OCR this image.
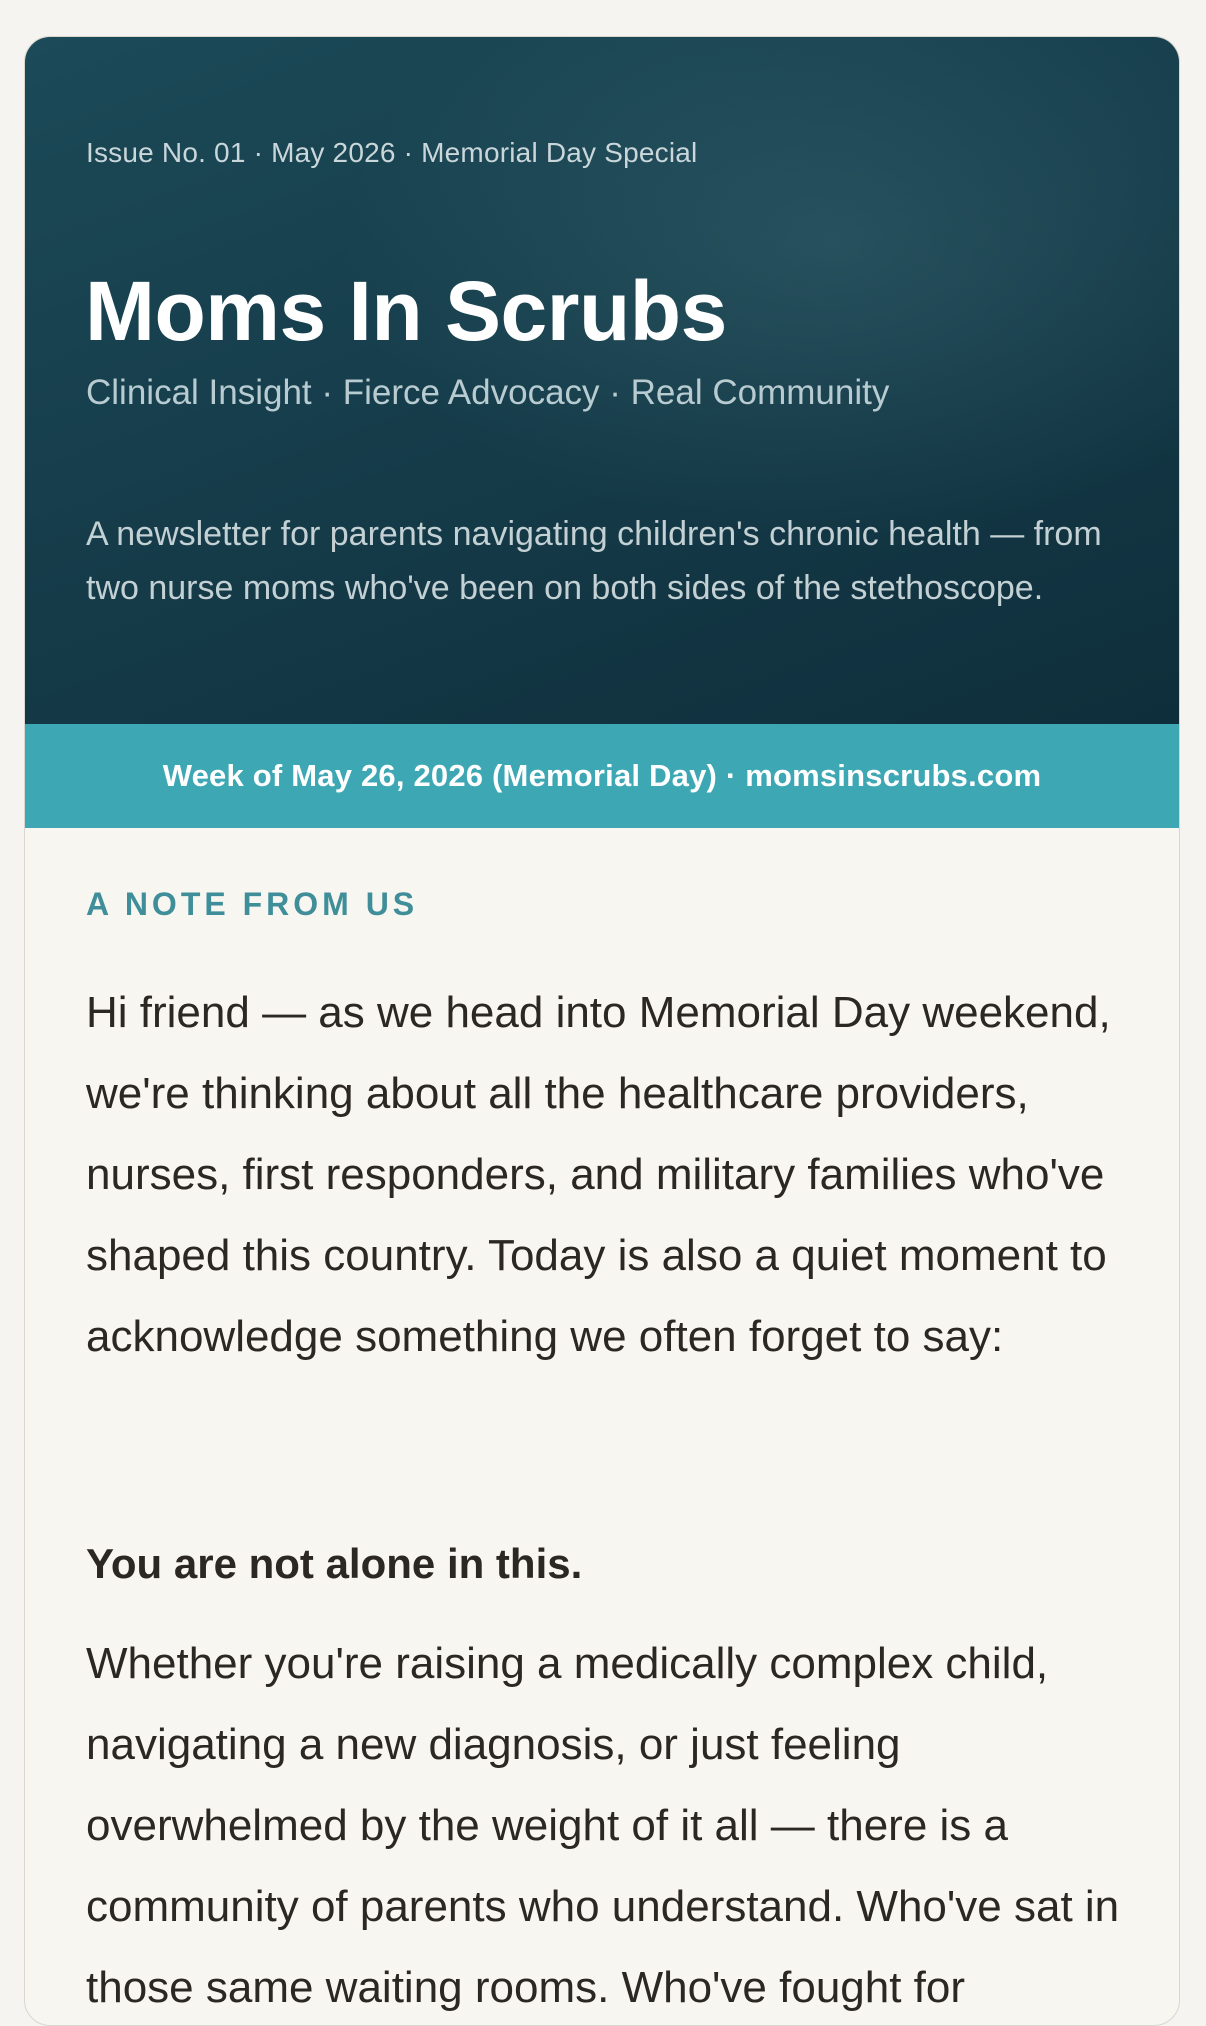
Issue No. 01 · May 2026 · Memorial Day Special
Moms In Scrubs
Clinical Insight · Fierce Advocacy · Real Community

A newsletter for parents navigating children's chronic health — from two nurse moms who've been on both sides of the stethoscope.

Week of May 26, 2026 (Memorial Day) · momsinscrubs.com
A NOTE FROM US

Hi friend — as we head into Memorial Day weekend, we're thinking about all the healthcare providers, nurses, first responders, and military families who've shaped this country. Today is also a quiet moment to acknowledge something we often forget to say:

You are not alone in this.

Whether you're raising a medically complex child, navigating a new diagnosis, or just feeling overwhelmed by the weight of it all — there is a community of parents who understand. Who've sat in those same waiting rooms. Who've fought for
